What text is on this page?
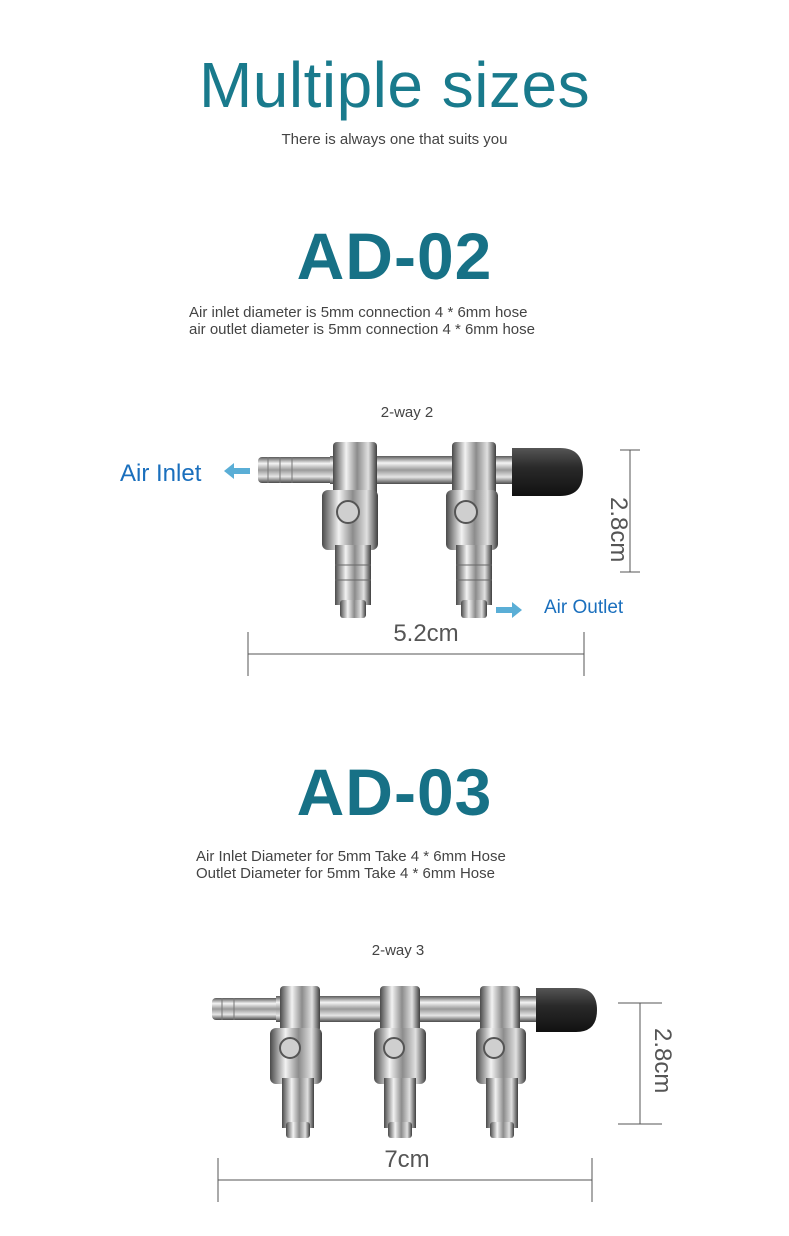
Multiple sizes
There is always one that suits you
AD-02
Air inlet diameter is 5mm connection 4 * 6mm hose
air outlet diameter is 5mm connection 4 * 6mm hose
2-way 2
Air Inlet
Air Outlet
2.8cm
5.2cm
AD-03
Air Inlet Diameter for 5mm Take 4 * 6mm Hose
Outlet Diameter for 5mm Take 4 * 6mm Hose
2-way 3
2.8cm
7cm
